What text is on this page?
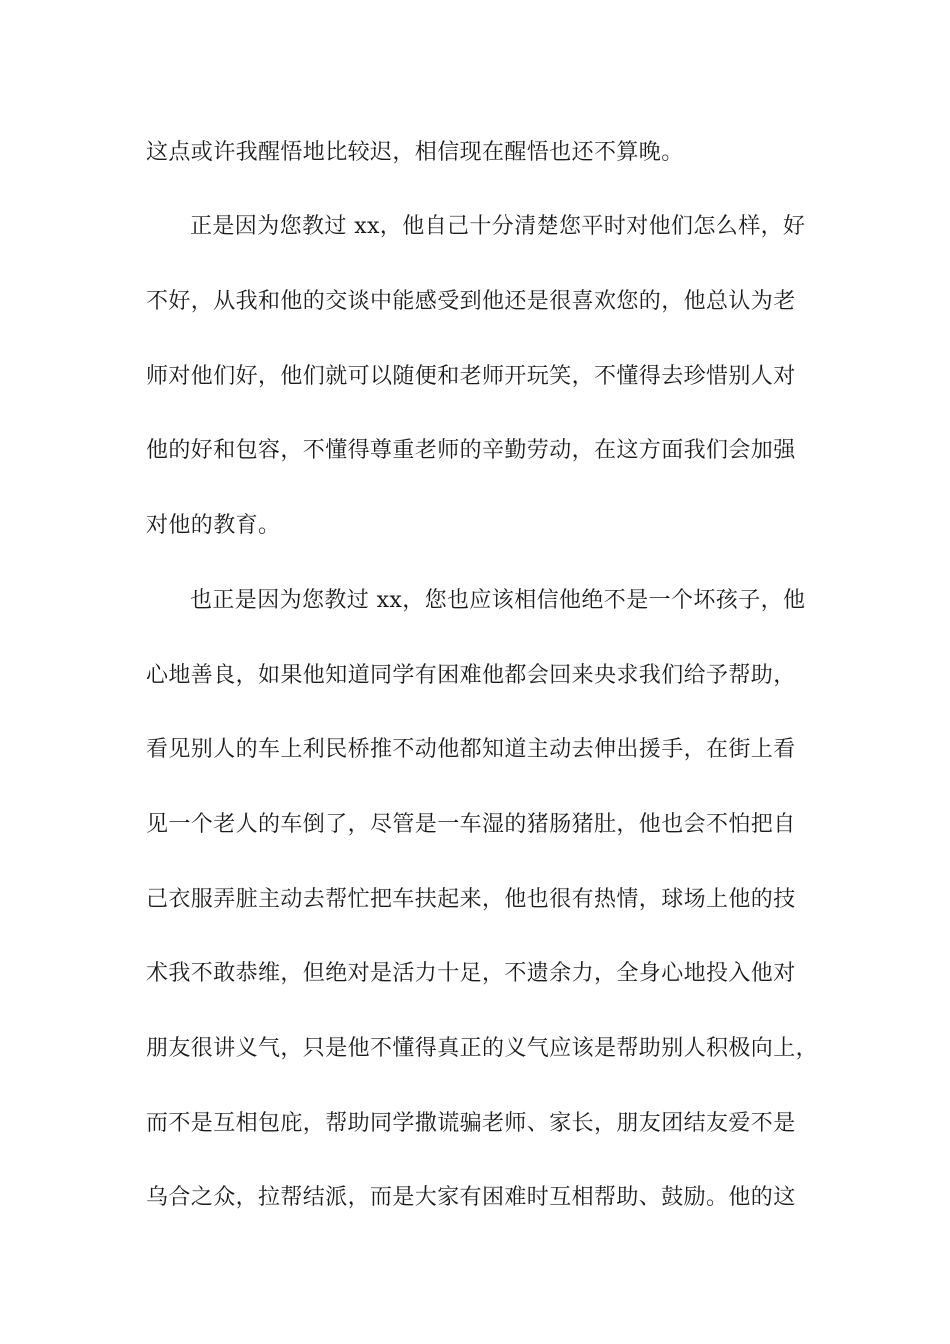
这点或许我醒悟地比较迟，相信现在醒悟也还不算晚。
正是因为您教过 xx，他自己十分清楚您平时对他们怎么样，好
不好，从我和他的交谈中能感受到他还是很喜欢您的，他总认为老
师对他们好，他们就可以随便和老师开玩笑，不懂得去珍惜别人对
他的好和包容，不懂得尊重老师的辛勤劳动，在这方面我们会加强
对他的教育。
也正是因为您教过 xx，您也应该相信他绝不是一个坏孩子，他
心地善良，如果他知道同学有困难他都会回来央求我们给予帮助，
看见别人的车上利民桥推不动他都知道主动去伸出援手，在街上看
见一个老人的车倒了，尽管是一车湿的猪肠猪肚，他也会不怕把自
己衣服弄脏主动去帮忙把车扶起来，他也很有热情，球场上他的技
术我不敢恭维，但绝对是活力十足，不遗余力，全身心地投入他对
朋友很讲义气，只是他不懂得真正的义气应该是帮助别人积极向上，
而不是互相包庇，帮助同学撒谎骗老师、家长，朋友团结友爱不是
乌合之众，拉帮结派，而是大家有困难时互相帮助、鼓励。他的这
